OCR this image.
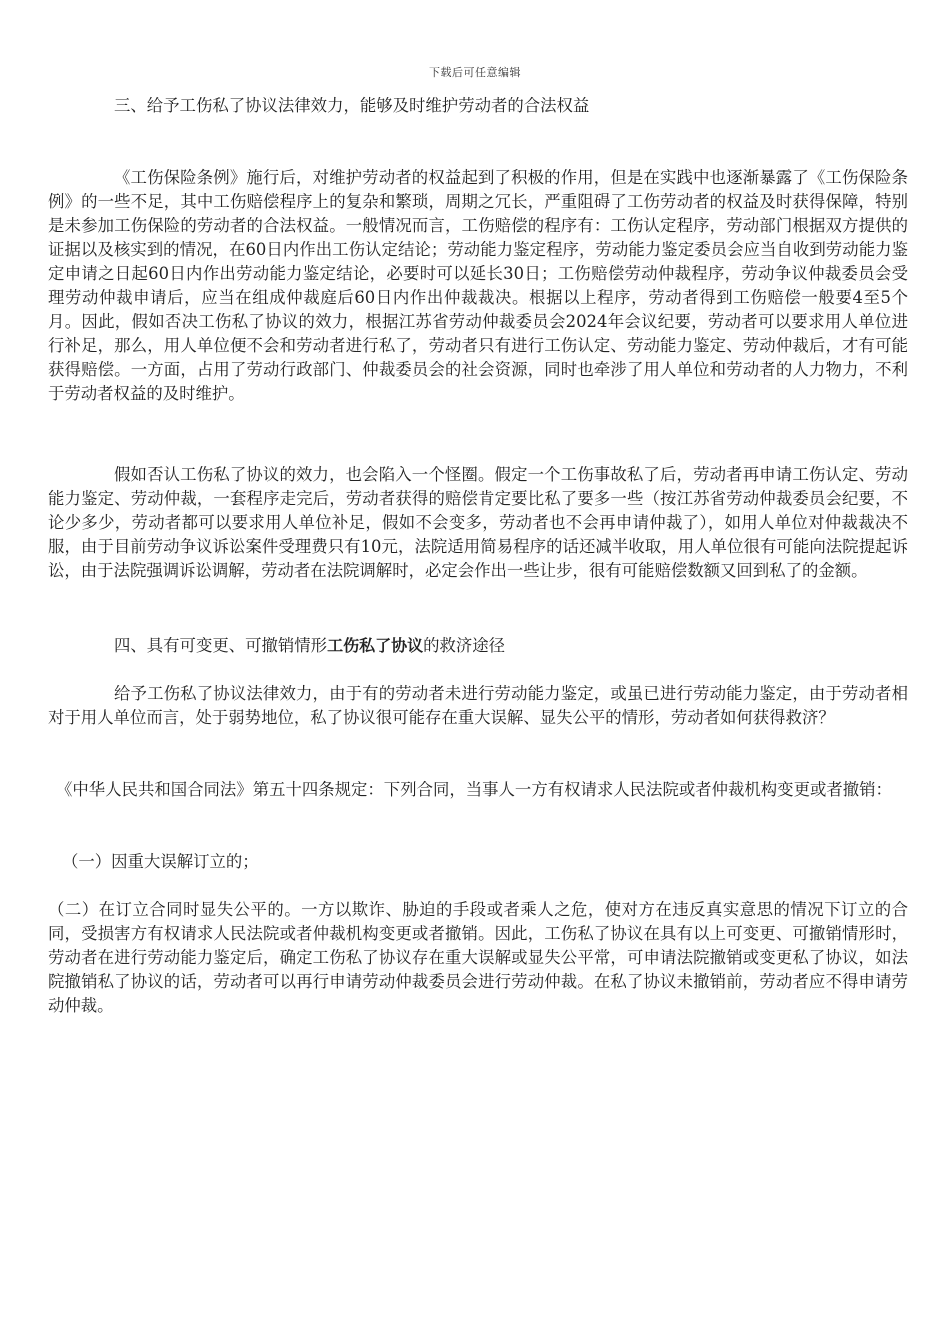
下载后可任意编辑
三、给予工伤私了协议法律效力，能够及时维护劳动者的合法权益
《工伤保险条例》施行后，对维护劳动者的权益起到了积极的作用，但是在实践中也逐渐暴露了《工伤保险条例》的一些不足，其中工伤赔偿程序上的复杂和繁琐，周期之冗长，严重阻碍了工伤劳动者的权益及时获得保障，特别是未参加工伤保险的劳动者的合法权益。一般情况而言，工伤赔偿的程序有：工伤认定程序，劳动部门根据双方提供的证据以及核实到的情况，在60日内作出工伤认定结论；劳动能力鉴定程序，劳动能力鉴定委员会应当自收到劳动能力鉴定申请之日起60日内作出劳动能力鉴定结论，必要时可以延长30日；工伤赔偿劳动仲裁程序，劳动争议仲裁委员会受理劳动仲裁申请后，应当在组成仲裁庭后60日内作出仲裁裁决。根据以上程序，劳动者得到工伤赔偿一般要4至5个月。因此，假如否决工伤私了协议的效力，根据江苏省劳动仲裁委员会2024年会议纪要，劳动者可以要求用人单位进行补足，那么，用人单位便不会和劳动者进行私了，劳动者只有进行工伤认定、劳动能力鉴定、劳动仲裁后，才有可能获得赔偿。一方面，占用了劳动行政部门、仲裁委员会的社会资源，同时也牵涉了用人单位和劳动者的人力物力，不利于劳动者权益的及时维护。
假如否认工伤私了协议的效力，也会陷入一个怪圈。假定一个工伤事故私了后，劳动者再申请工伤认定、劳动能力鉴定、劳动仲裁，一套程序走完后，劳动者获得的赔偿肯定要比私了要多一些（按江苏省劳动仲裁委员会纪要，不论少多少，劳动者都可以要求用人单位补足，假如不会变多，劳动者也不会再申请仲裁了），如用人单位对仲裁裁决不服，由于目前劳动争议诉讼案件受理费只有10元，法院适用简易程序的话还减半收取，用人单位很有可能向法院提起诉讼，由于法院强调诉讼调解，劳动者在法院调解时，必定会作出一些让步，很有可能赔偿数额又回到私了的金额。
四、具有可变更、可撤销情形工伤私了协议的救济途径
给予工伤私了协议法律效力，由于有的劳动者未进行劳动能力鉴定，或虽已进行劳动能力鉴定，由于劳动者相对于用人单位而言，处于弱势地位，私了协议很可能存在重大误解、显失公平的情形，劳动者如何获得救济？
《中华人民共和国合同法》第五十四条规定：下列合同，当事人一方有权请求人民法院或者仲裁机构变更或者撤销：
（一）因重大误解订立的；
（二）在订立合同时显失公平的。一方以欺诈、胁迫的手段或者乘人之危，使对方在违反真实意思的情况下订立的合同，受损害方有权请求人民法院或者仲裁机构变更或者撤销。因此，工伤私了协议在具有以上可变更、可撤销情形时，劳动者在进行劳动能力鉴定后，确定工伤私了协议存在重大误解或显失公平常，可申请法院撤销或变更私了协议，如法院撤销私了协议的话，劳动者可以再行申请劳动仲裁委员会进行劳动仲裁。在私了协议未撤销前，劳动者应不得申请劳动仲裁。
